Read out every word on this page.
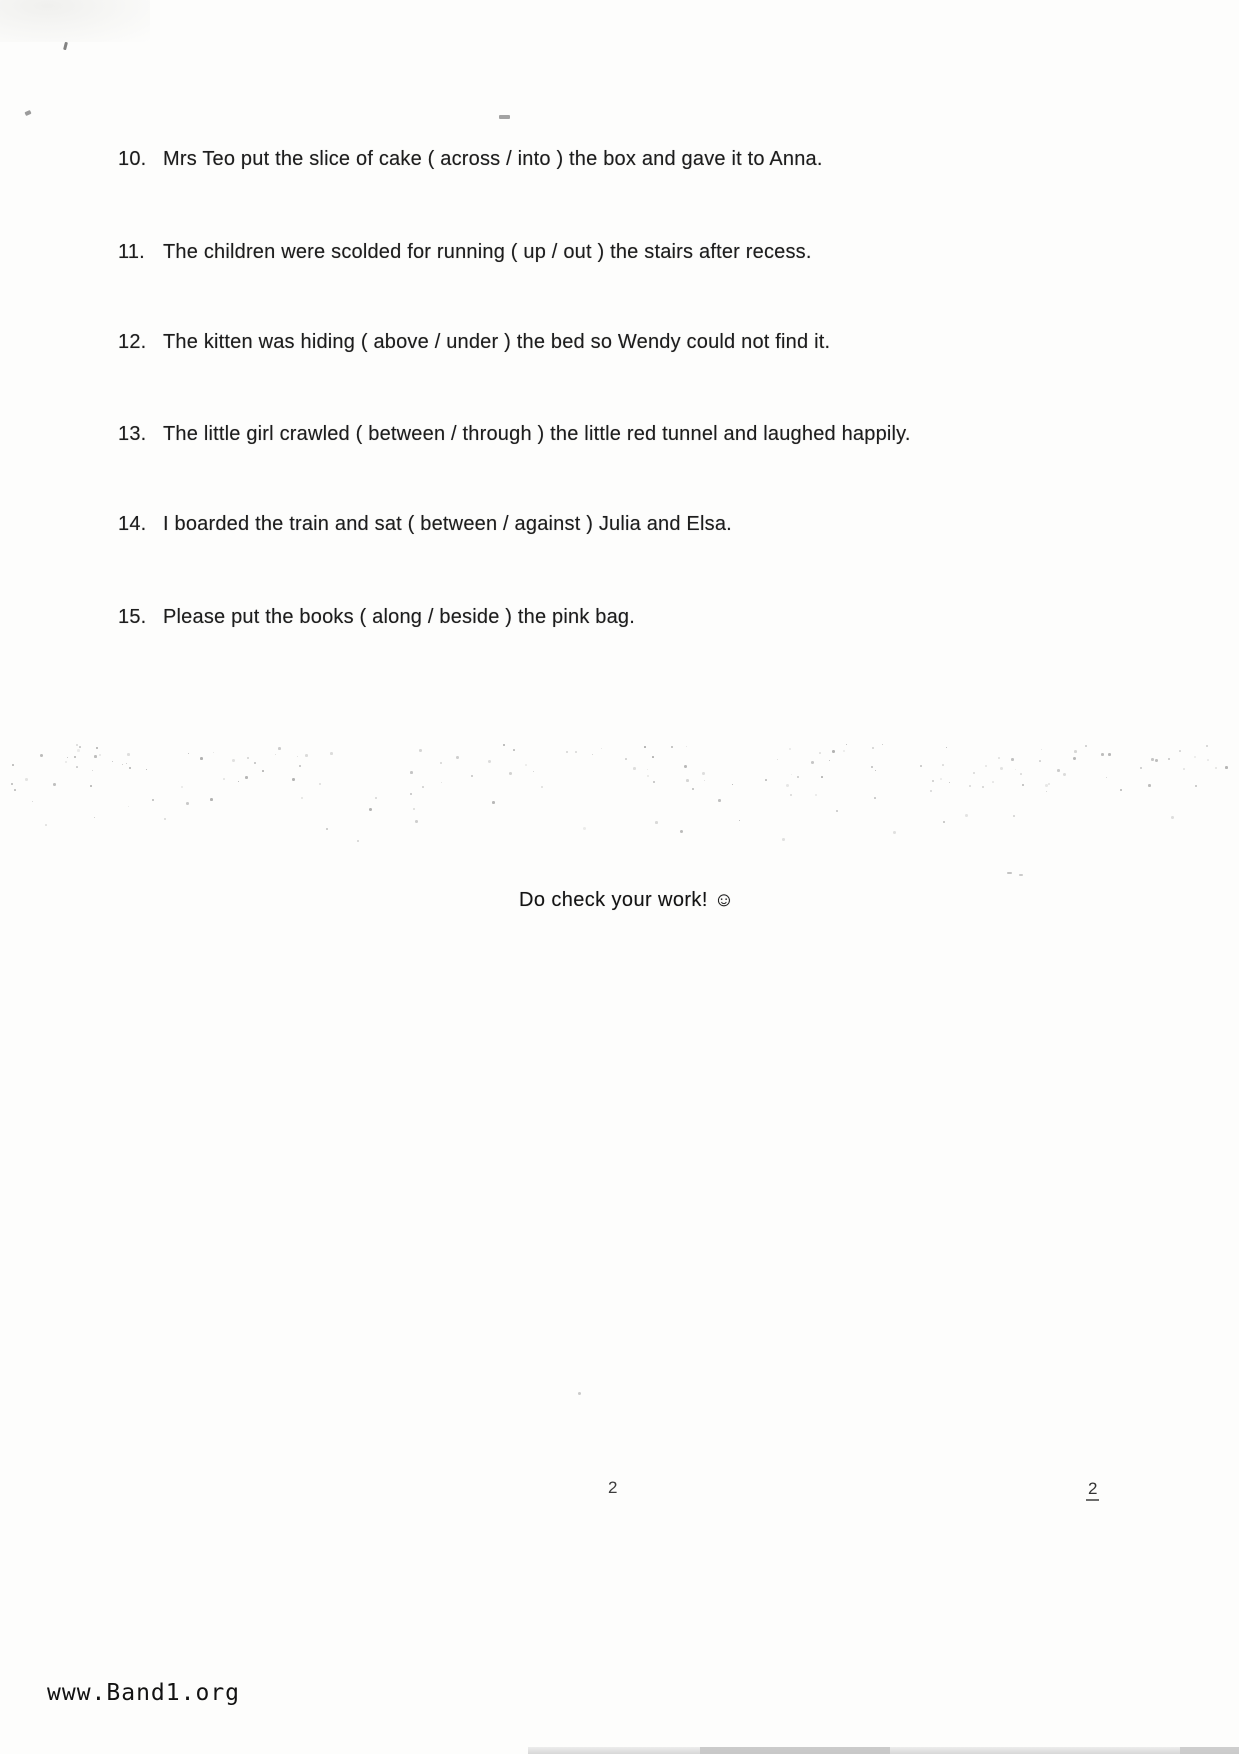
10. Mrs Teo put the slice of cake ( across / into ) the box and gave it to Anna.
11. The children were scolded for running ( up / out ) the stairs after recess.
12. The kitten was hiding ( above / under ) the bed so Wendy could not find it.
13. The little girl crawled ( between / through ) the little red tunnel and laughed happily.
14. I boarded the train and sat ( between / against ) Julia and Elsa.
15. Please put the books ( along / beside ) the pink bag.
Do check your work! ☺
2	2
www.Band1.org
